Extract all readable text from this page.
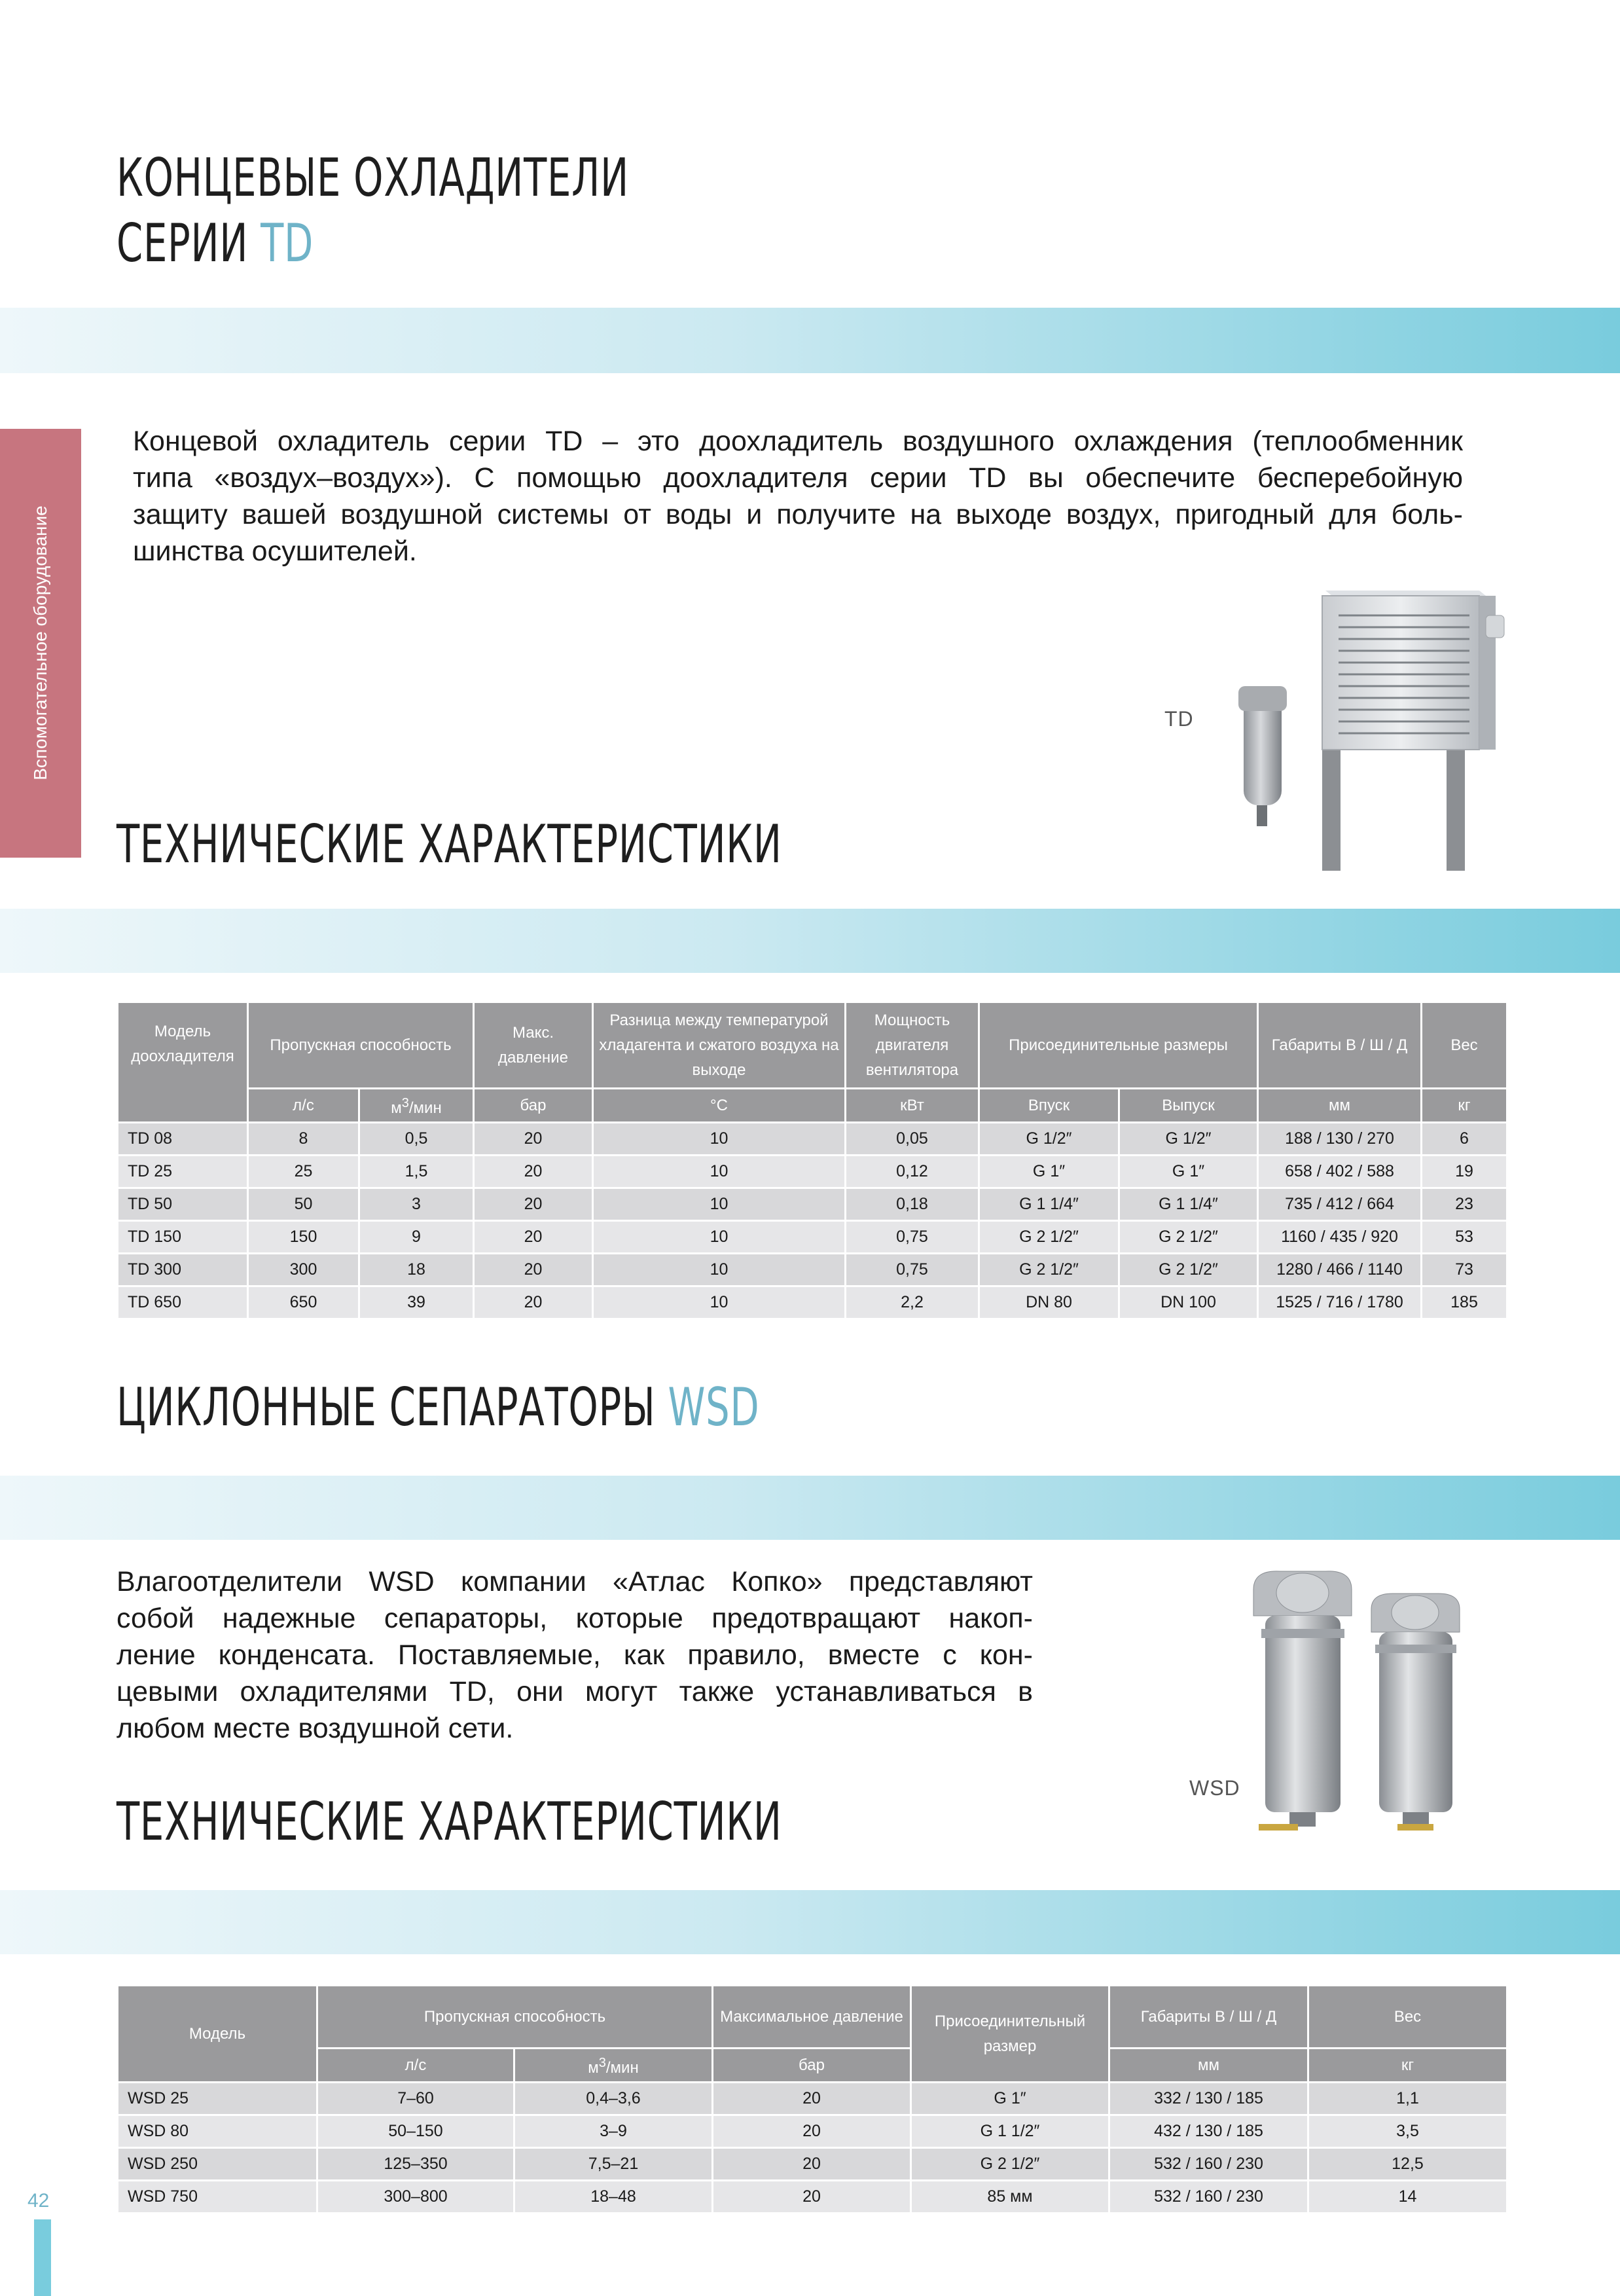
КОНЦЕВЫЕ ОХЛАДИТЕЛИ
СЕРИИ TD
Вспомогательное оборудование
Концевой охладитель серии TD – это доохладитель воздушного охлаждения (теплообменник
типа «воздух–воздух»). С помощью доохладителя серии TD вы обеспечите бесперебойную
защиту вашей воздушной системы от воды и получите на выходе воздух, пригодный для боль-
шинства осушителей.
TD
ТЕХНИЧЕСКИЕ ХАРАКТЕРИСТИКИ
Модель доохладителя	Пропускная способность		Макс. давление	Разница между температурой хладагента и сжатого воздуха на выходе	Мощность двигателя вентилятора	Присоединительные размеры		Габариты В / Ш / Д	Вес
	л/с	$м^3$/мин	бар	°С	кВт	Впуск	Выпуск	мм	кг
TD 08	8	0,5	20	10	0,05	G 1/2″	G 1/2″	188 / 130 / 270	6
TD 25	25	1,5	20	10	0,12	G 1″	G 1″	658 / 402 / 588	19
TD 50	50	3	20	10	0,18	G 1 1/4″	G 1 1/4″	735 / 412 / 664	23
TD 150	150	9	20	10	0,75	G 2 1/2″	G 2 1/2″	1160 / 435 / 920	53
TD 300	300	18	20	10	0,75	G 2 1/2″	G 2 1/2″	1280 / 466 / 1140	73
TD 650	650	39	20	10	2,2	DN 80	DN 100	1525 / 716 / 1780	185
ЦИКЛОННЫЕ СЕПАРАТОРЫ WSD
Влагоотделители WSD компании «Атлас Копко» представляют
собой надежные сепараторы, которые предотвращают накоп-
ление конденсата. Поставляемые, как правило, вместе с кон-
цевыми охладителями TD, они могут также устанавливаться в
любом месте воздушной сети.
WSD
ТЕХНИЧЕСКИЕ ХАРАКТЕРИСТИКИ
Модель	Пропускная способность		Максимальное давление	Присоединительный размер	Габариты В / Ш / Д	Вес
	л/с	$м^3$/мин	бар		мм	кг
WSD 25	7–60	0,4–3,6	20	G 1″	332 / 130 / 185	1,1
WSD 80	50–150	3–9	20	G 1 1/2″	432 / 130 / 185	3,5
WSD 250	125–350	7,5–21	20	G 2 1/2″	532 / 160 / 230	12,5
WSD 750	300–800	18–48	20	85 мм	532 / 160 / 230	14
42
